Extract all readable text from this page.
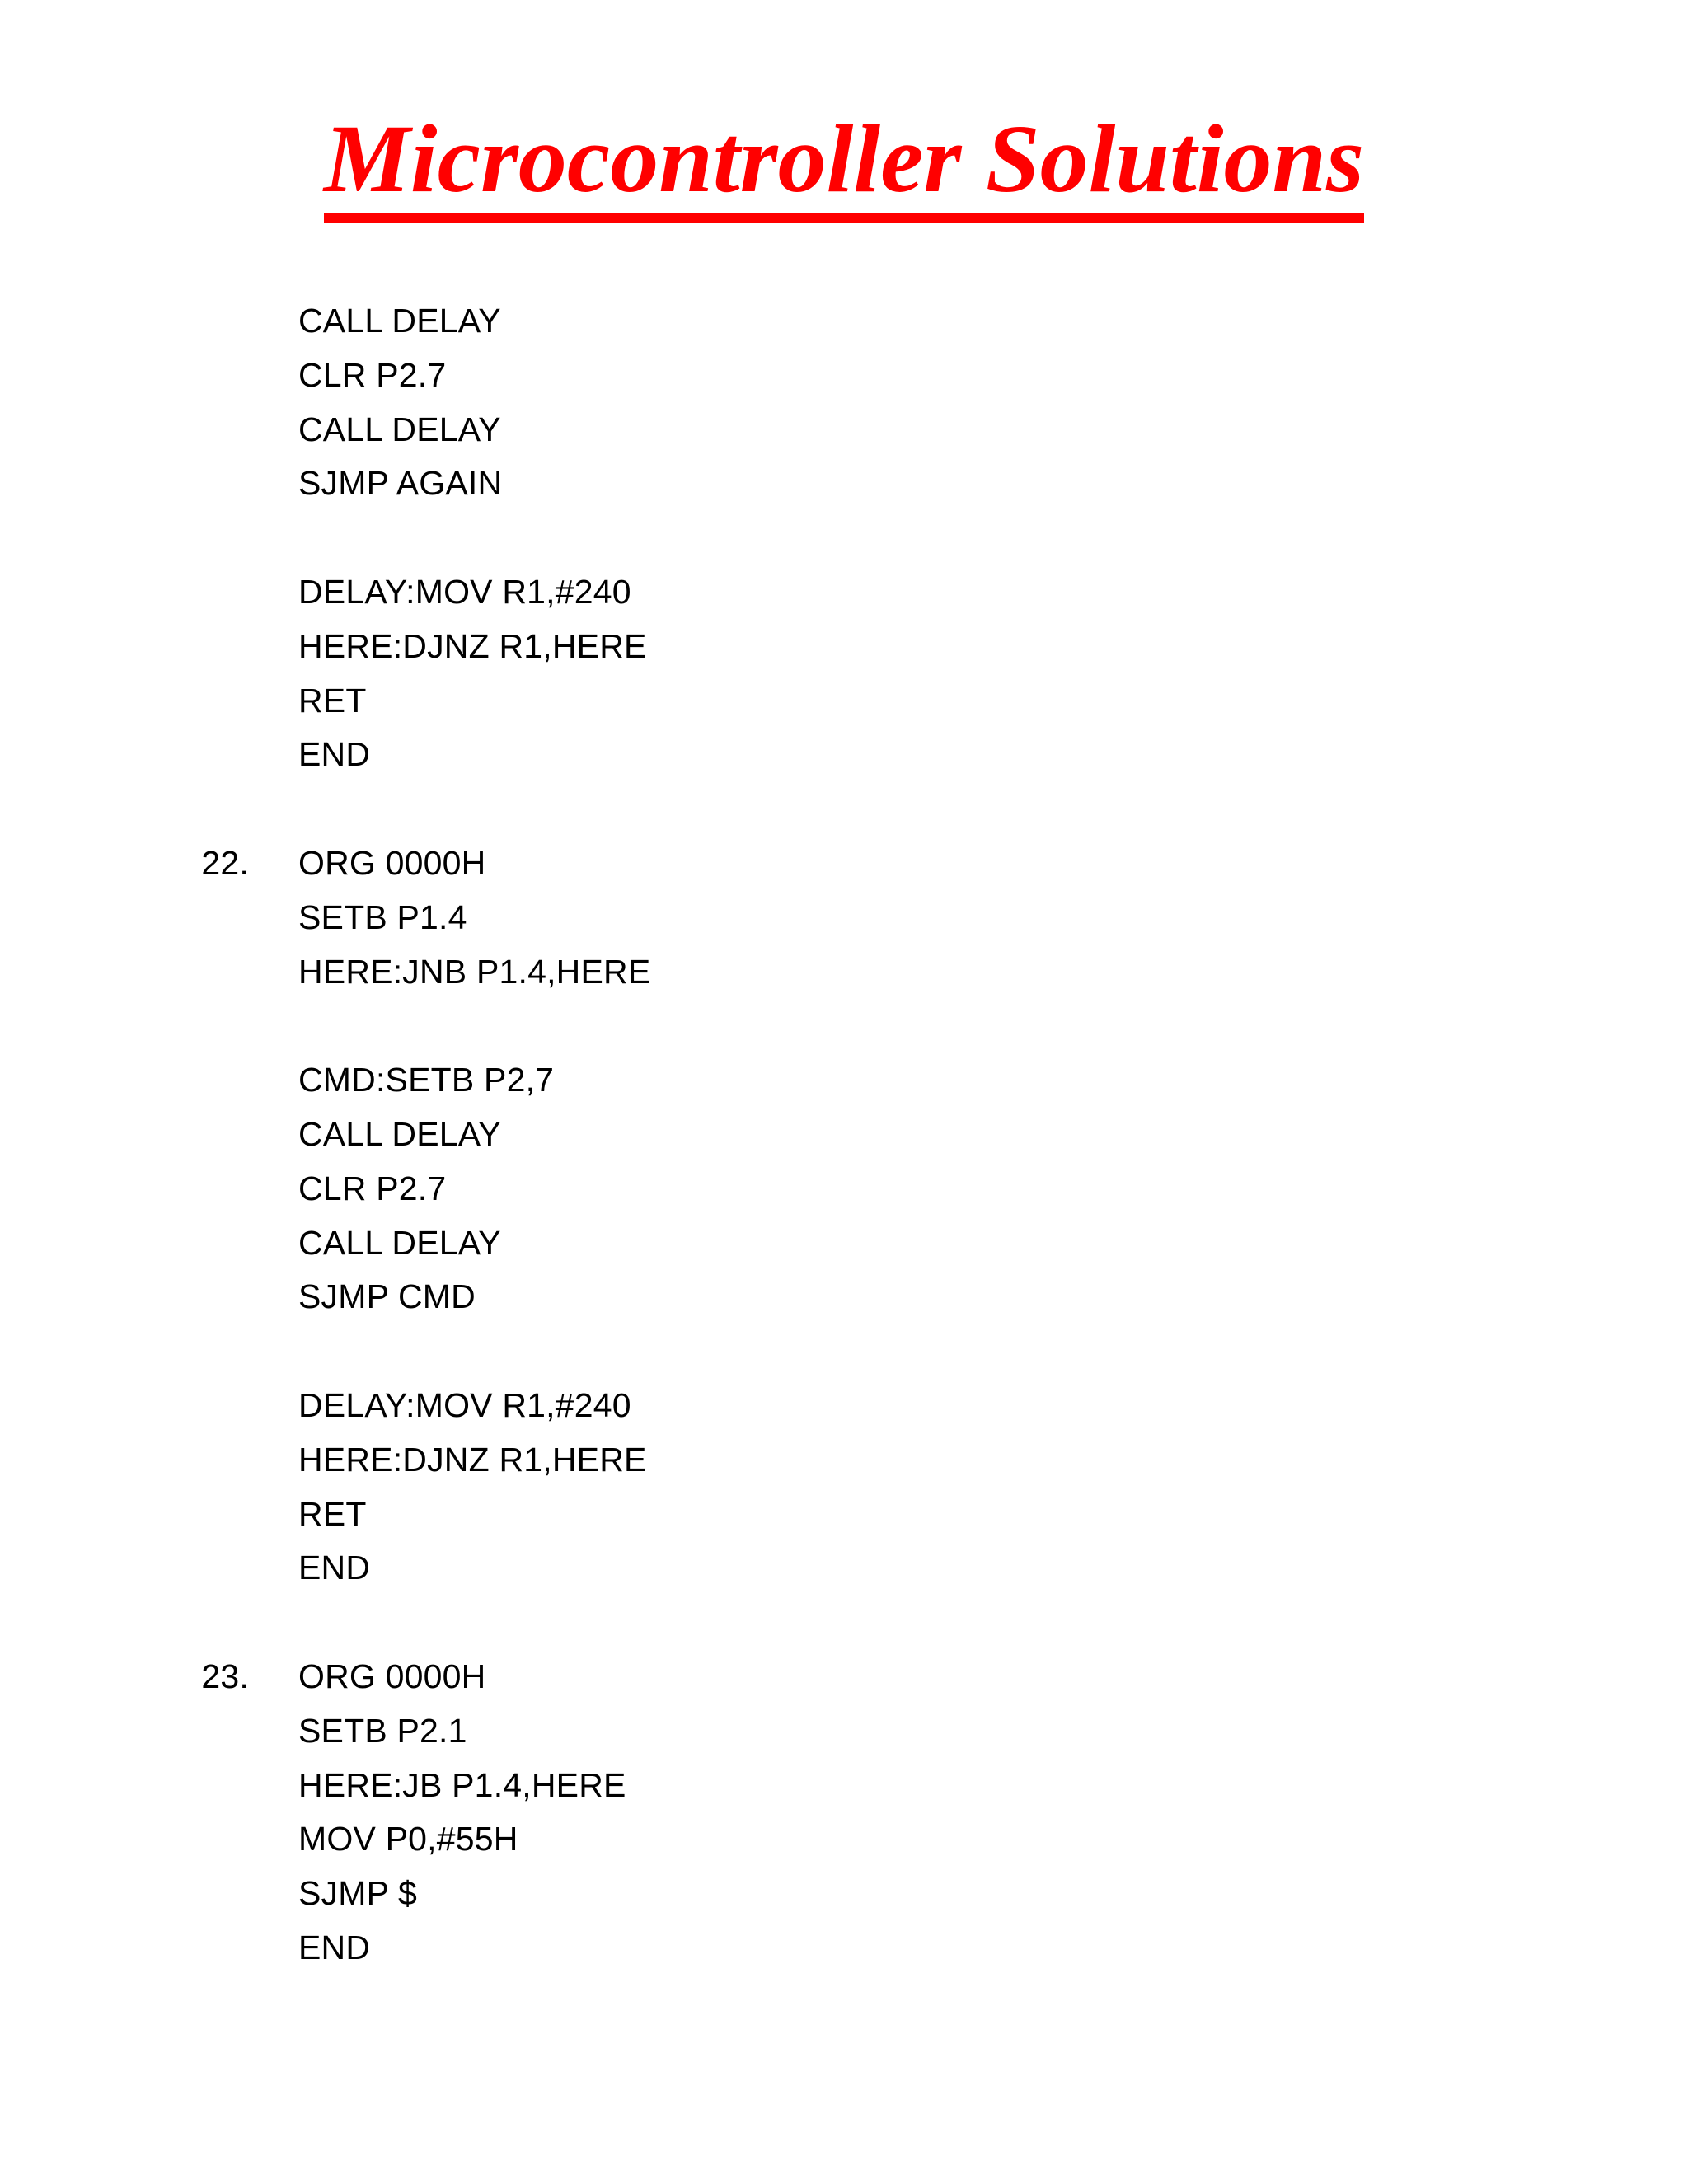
Microcontroller Solutions
CALL DELAY
CLR P2.7
CALL DELAY
SJMP AGAIN
DELAY:MOV R1,#240
HERE:DJNZ R1,HERE
RET
END
22. ORG 0000H
SETB P1.4
HERE:JNB P1.4,HERE
CMD:SETB P2,7
CALL DELAY
CLR P2.7
CALL DELAY
SJMP CMD
DELAY:MOV R1,#240
HERE:DJNZ R1,HERE
RET
END
23. ORG 0000H
SETB P2.1
HERE:JB P1.4,HERE
MOV P0,#55H
SJMP $
END
